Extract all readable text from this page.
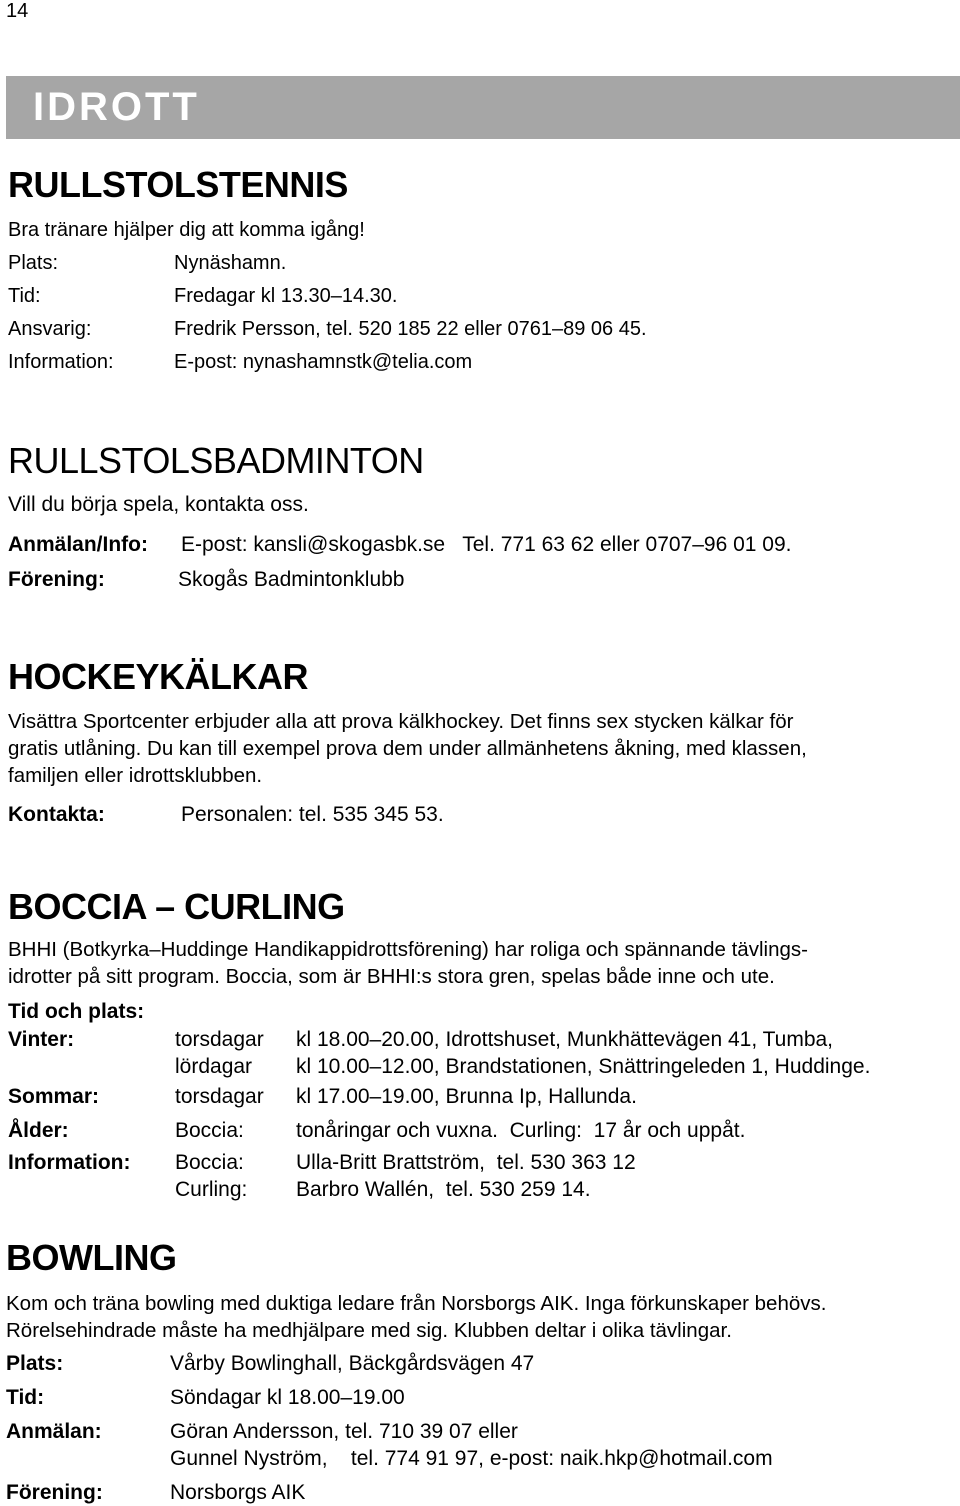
14
IDROTT
RULLSTOLSTENNIS
Bra tränare hjälper dig att komma igång!
Plats:	Nynäshamn.
Tid:	Fredagar kl 13.30–14.30.
Ansvarig:	Fredrik Persson, tel. 520 185 22 eller 0761–89 06 45.
Information:	E-post: nynashamnstk@telia.com
RULLSTOLSBADMINTON
Vill du börja spela, kontakta oss.
Anmälan/Info: E-post: kansli@skogasbk.se   Tel. 771 63 62 eller 0707–96 01 09.
Förening:	Skogås Badmintonklubb
HOCKEYKÄLKAR
Visättra Sportcenter erbjuder alla att prova kälkhockey. Det finns sex stycken kälkar för
gratis utlåning. Du kan till exempel prova dem under allmänhetens åkning, med klassen,
familjen eller idrottsklubben.
Kontakta:	Personalen: tel. 535 345 53.
BOCCIA – CURLING
BHHI (Botkyrka–Huddinge Handikappidrottsförening) har roliga och spännande tävlings-
idrotter på sitt program. Boccia, som är BHHI:s stora gren, spelas både inne och ute.
Tid och plats:
Vinter:	torsdagar kl 18.00–20.00, Idrottshuset, Munkhättevägen 41, Tumba,
lördagar kl 10.00–12.00, Brandstationen, Snättringeleden 1, Huddinge.
Sommar:	torsdagar kl 17.00–19.00, Brunna Ip, Hallunda.
Ålder:	Boccia: tonåringar och vuxna.  Curling:  17 år och uppåt.
Information: Boccia: Ulla-Britt Brattström,  tel. 530 363 12
Curling: Barbro Wallén,  tel. 530 259 14.
BOWLING
Kom och träna bowling med duktiga ledare från Norsborgs AIK. Inga förkunskaper behövs.
Rörelsehindrade måste ha medhjälpare med sig. Klubben deltar i olika tävlingar.
Plats:	Vårby Bowlinghall, Bäckgårdsvägen 47
Tid:	Söndagar kl 18.00–19.00
Anmälan:	Göran Andersson, tel. 710 39 07 eller
Gunnel Nyström,    tel. 774 91 97, e-post: naik.hkp@hotmail.com
Förening:	Norsborgs AIK
